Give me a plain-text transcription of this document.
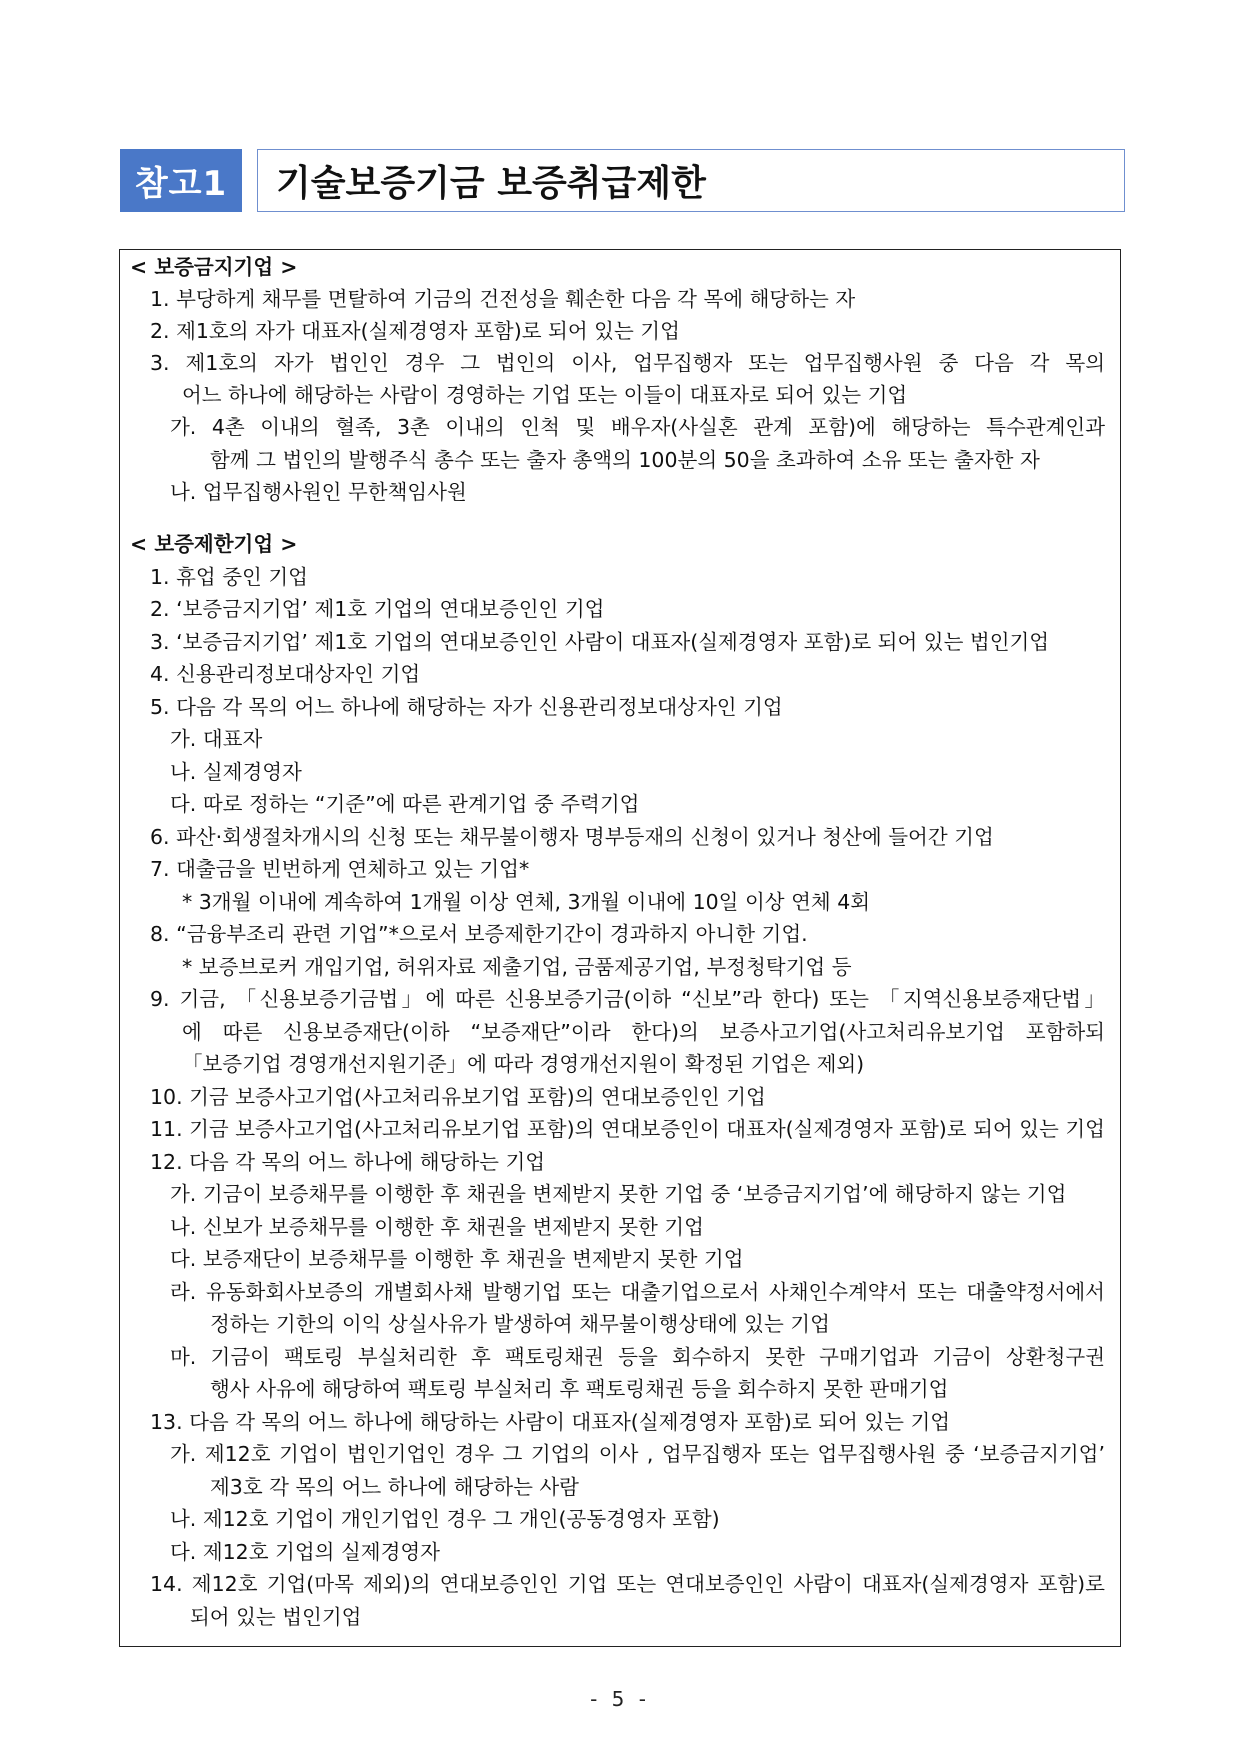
참고1	기술보증기금 보증취급제한
< 보증금지기업 >
1. 부당하게 채무를 면탈하여 기금의 건전성을 훼손한 다음 각 목에 해당하는 자
2. 제1호의 자가 대표자(실제경영자 포함)로 되어 있는 기업
3. 제1호의 자가 법인인 경우 그 법인의 이사, 업무집행자 또는 업무집행사원 중 다음 각 목의
어느 하나에 해당하는 사람이 경영하는 기업 또는 이들이 대표자로 되어 있는 기업
가. 4촌 이내의 혈족, 3촌 이내의 인척 및 배우자(사실혼 관계 포함)에 해당하는 특수관계인과
함께 그 법인의 발행주식 총수 또는 출자 총액의 100분의 50을 초과하여 소유 또는 출자한 자
나. 업무집행사원인 무한책임사원
< 보증제한기업 >
1. 휴업 중인 기업
2. ‘보증금지기업’ 제1호 기업의 연대보증인인 기업
3. ‘보증금지기업’ 제1호 기업의 연대보증인인 사람이 대표자(실제경영자 포함)로 되어 있는 법인기업
4. 신용관리정보대상자인 기업
5. 다음 각 목의 어느 하나에 해당하는 자가 신용관리정보대상자인 기업
가. 대표자
나. 실제경영자
다. 따로 정하는 “기준”에 따른 관계기업 중 주력기업
6. 파산·회생절차개시의 신청 또는 채무불이행자 명부등재의 신청이 있거나 청산에 들어간 기업
7. 대출금을 빈번하게 연체하고 있는 기업*
* 3개월 이내에 계속하여 1개월 이상 연체, 3개월 이내에 10일 이상 연체 4회
8. “금융부조리 관련 기업”*으로서 보증제한기간이 경과하지 아니한 기업.
* 보증브로커 개입기업, 허위자료 제출기업, 금품제공기업, 부정청탁기업 등
9. 기금, 「신용보증기금법」에 따른 신용보증기금(이하 “신보”라 한다) 또는 「지역신용보증재단법」
에 따른 신용보증재단(이하 “보증재단”이라 한다)의 보증사고기업(사고처리유보기업 포함하되
「보증기업 경영개선지원기준」에 따라 경영개선지원이 확정된 기업은 제외)
10. 기금 보증사고기업(사고처리유보기업 포함)의 연대보증인인 기업
11. 기금 보증사고기업(사고처리유보기업 포함)의 연대보증인이 대표자(실제경영자 포함)로 되어 있는 기업
12. 다음 각 목의 어느 하나에 해당하는 기업
가. 기금이 보증채무를 이행한 후 채권을 변제받지 못한 기업 중 ‘보증금지기업’에 해당하지 않는 기업
나. 신보가 보증채무를 이행한 후 채권을 변제받지 못한 기업
다. 보증재단이 보증채무를 이행한 후 채권을 변제받지 못한 기업
라. 유동화회사보증의 개별회사채 발행기업 또는 대출기업으로서 사채인수계약서 또는 대출약정서에서
정하는 기한의 이익 상실사유가 발생하여 채무불이행상태에 있는 기업
마. 기금이 팩토링 부실처리한 후 팩토링채권 등을 회수하지 못한 구매기업과 기금이 상환청구권
행사 사유에 해당하여 팩토링 부실처리 후 팩토링채권 등을 회수하지 못한 판매기업
13. 다음 각 목의 어느 하나에 해당하는 사람이 대표자(실제경영자 포함)로 되어 있는 기업
가. 제12호 기업이 법인기업인 경우 그 기업의 이사 , 업무집행자 또는 업무집행사원 중 ‘보증금지기업’
제3호 각 목의 어느 하나에 해당하는 사람
나. 제12호 기업이 개인기업인 경우 그 개인(공동경영자 포함)
다. 제12호 기업의 실제경영자
14. 제12호 기업(마목 제외)의 연대보증인인 기업 또는 연대보증인인 사람이 대표자(실제경영자 포함)로
되어 있는 법인기업
- 5 -
